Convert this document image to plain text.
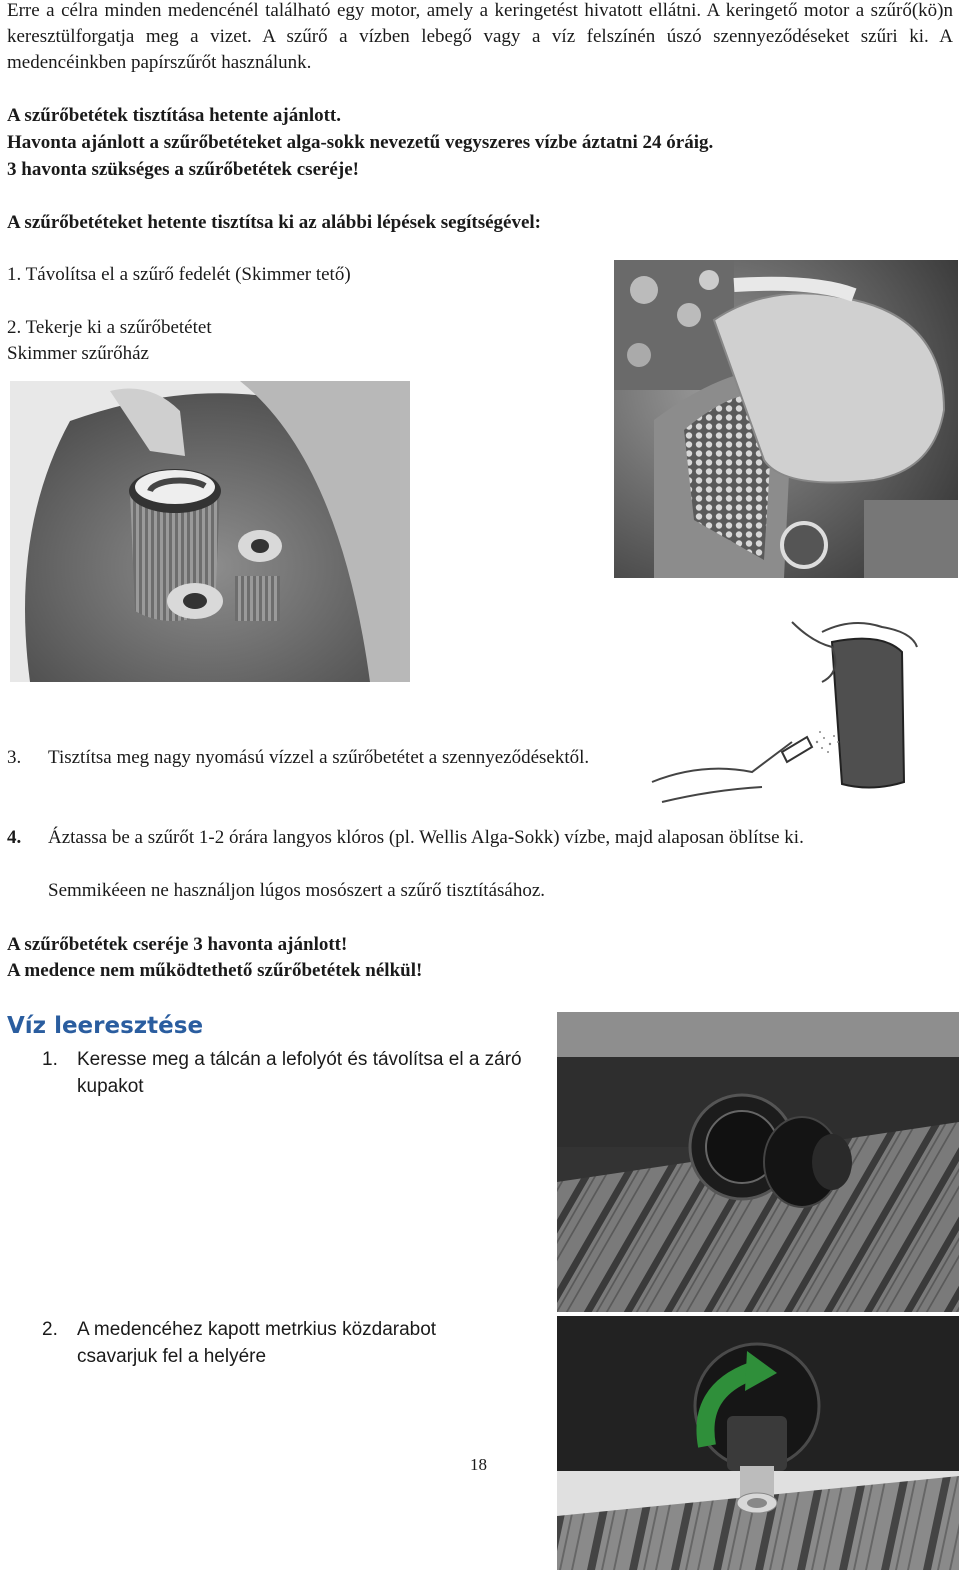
Erre a célra minden medencénél található egy motor, amely a keringetést hivatott ellátni. A keringető motor a szűrő(kö)n keresztülforgatja meg a vizet. A szűrő a vízben lebegő vagy a víz felszínén úszó szennyeződéseket szűri ki. A medencéinkben papírszűrőt használunk.
A szűrőbetétek tisztítása hetente ajánlott.
Havonta ajánlott a szűrőbetéteket alga-sokk nevezetű vegyszeres vízbe áztatni 24 óráig.
3 havonta szükséges a szűrőbetétek cseréje!
A szűrőbetéteket hetente tisztítsa ki az alábbi lépések segítségével:
1. Távolítsa el a szűrő fedelét (Skimmer tető)
2. Tekerje ki a szűrőbetétet
Skimmer szűrőház
3. Tisztítsa meg nagy nyomású vízzel a szűrőbetétet a szennyeződésektől.
4. Áztassa be a szűrőt 1-2 órára langyos klóros (pl. Wellis Alga-Sokk) vízbe, majd alaposan öblítse ki.
Semmikéeen ne használjon lúgos mosószert a szűrő tisztításához.
A szűrőbetétek cseréje 3 havonta ajánlott!
A medence nem működtethető szűrőbetétek nélkül!
Víz leeresztése
1. Keresse meg a tálcán a lefolyót és távolítsa el a záró kupakot
2. A medencéhez kapott metrkius közdarabot csavarjuk fel a helyére
18
